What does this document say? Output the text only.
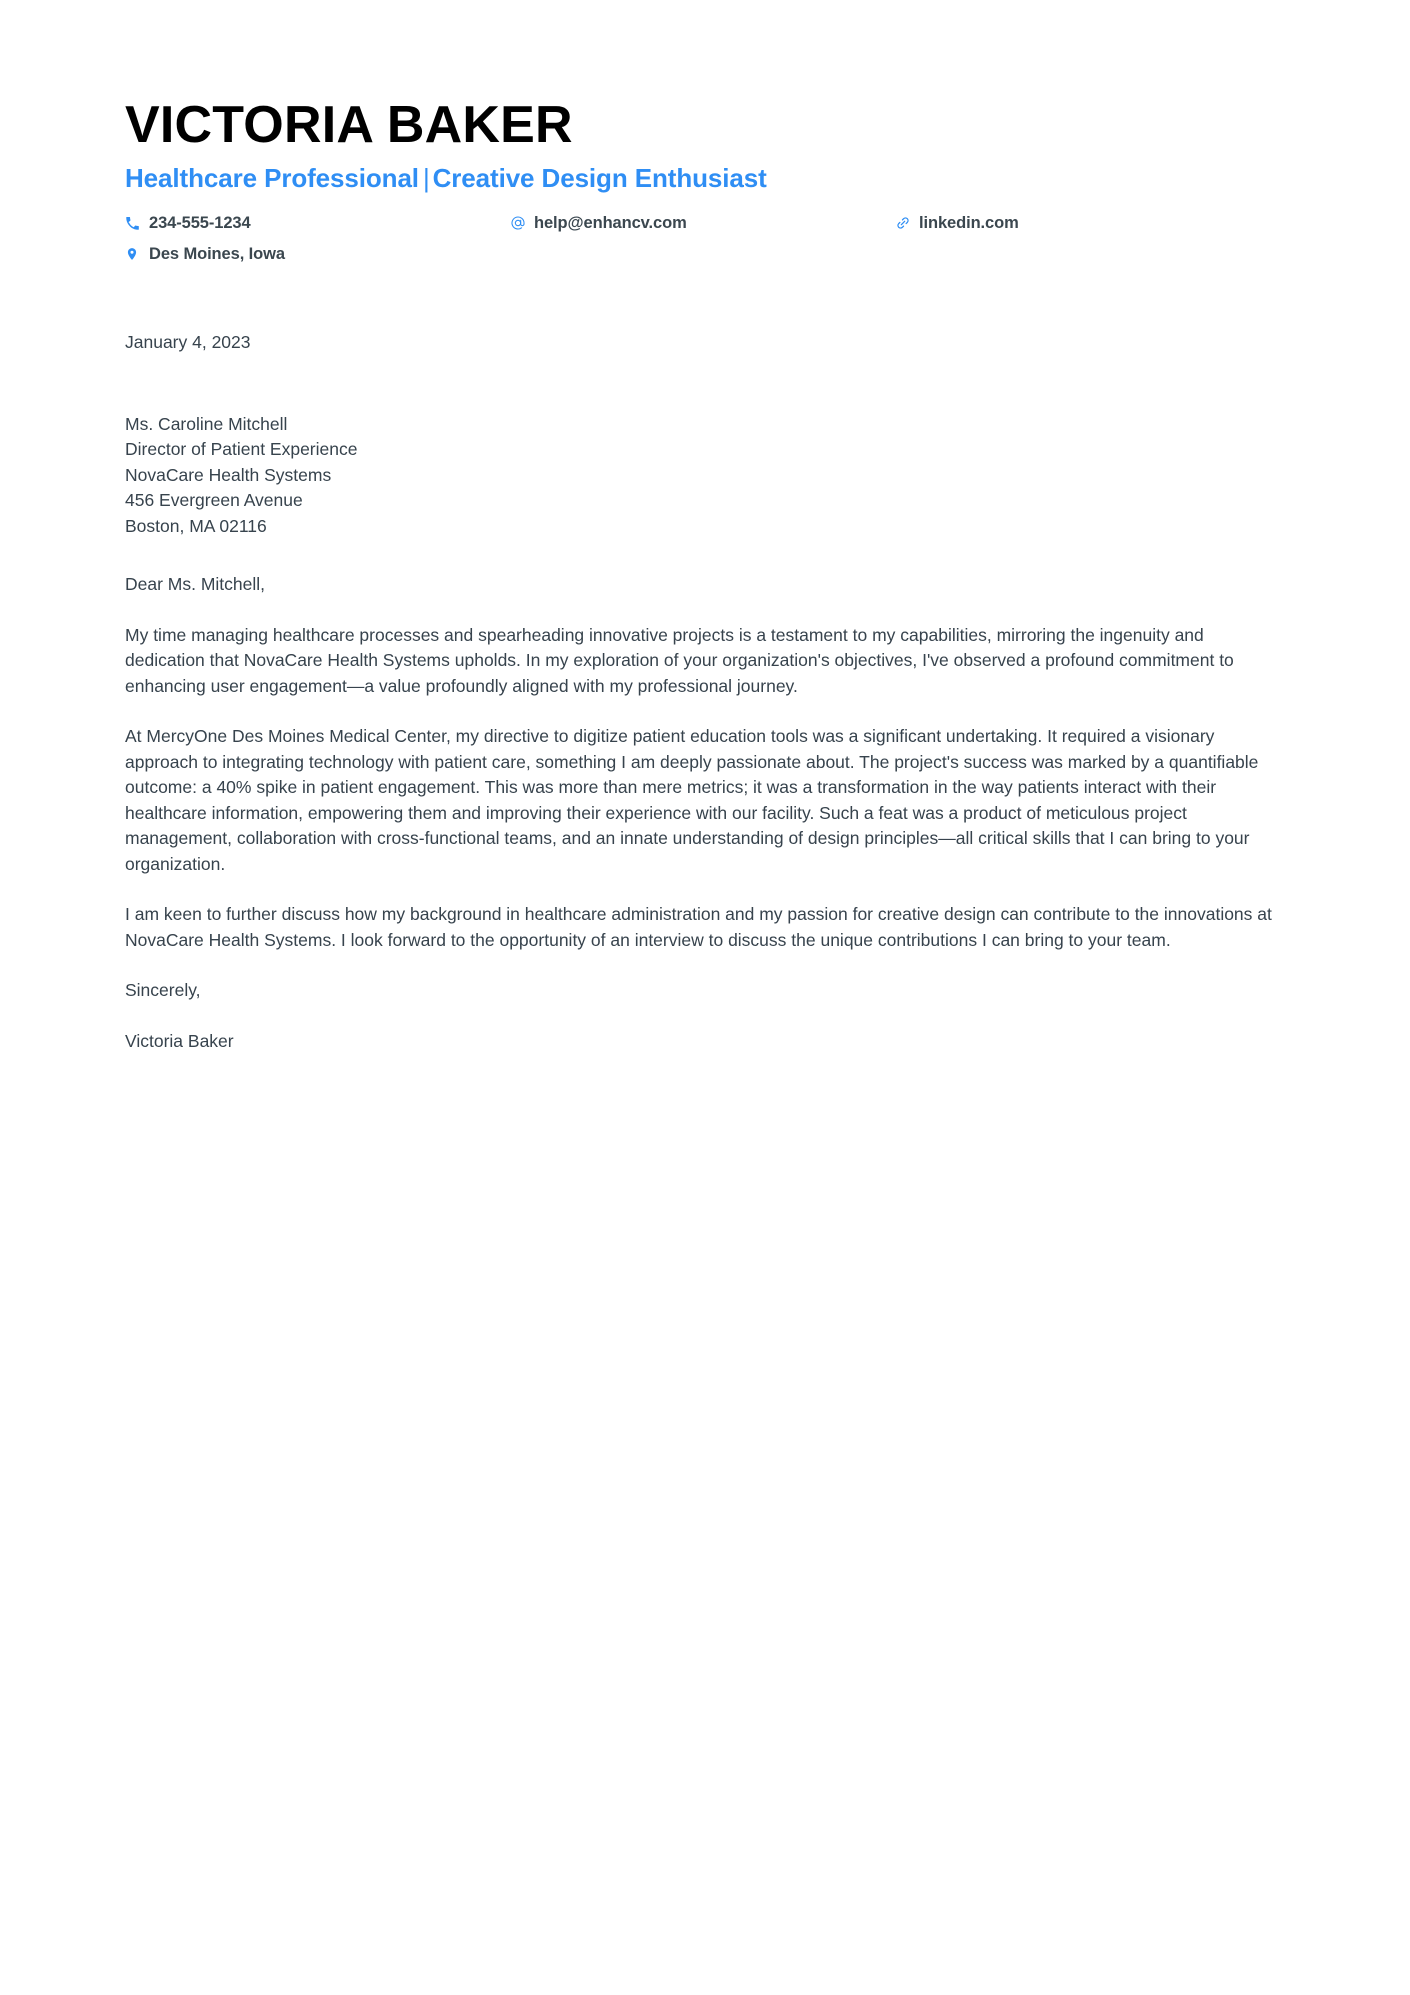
VICTORIA BAKER
Healthcare Professional | Creative Design Enthusiast
234-555-1234	help@enhancv.com	linkedin.com
Des Moines, Iowa

January 4, 2023

Ms. Caroline Mitchell

Director of Patient Experience

NovaCare Health Systems

456 Evergreen Avenue

Boston, MA 02116

Dear Ms. Mitchell,

My time managing healthcare processes and spearheading innovative projects is a testament to my capabilities, mirroring the ingenuity and dedication that NovaCare Health Systems upholds. In my exploration of your organization's objectives, I've observed a profound commitment to enhancing user engagement—a value profoundly aligned with my professional journey.

At MercyOne Des Moines Medical Center, my directive to digitize patient education tools was a significant undertaking. It required a visionary approach to integrating technology with patient care, something I am deeply passionate about. The project's success was marked by a quantifiable outcome: a 40% spike in patient engagement. This was more than mere metrics; it was a transformation in the way patients interact with their healthcare information, empowering them and improving their experience with our facility. Such a feat was a product of meticulous project management, collaboration with cross-functional teams, and an innate understanding of design principles—all critical skills that I can bring to your organization.

I am keen to further discuss how my background in healthcare administration and my passion for creative design can contribute to the innovations at NovaCare Health Systems. I look forward to the opportunity of an interview to discuss the unique contributions I can bring to your team.

Sincerely,

Victoria Baker
